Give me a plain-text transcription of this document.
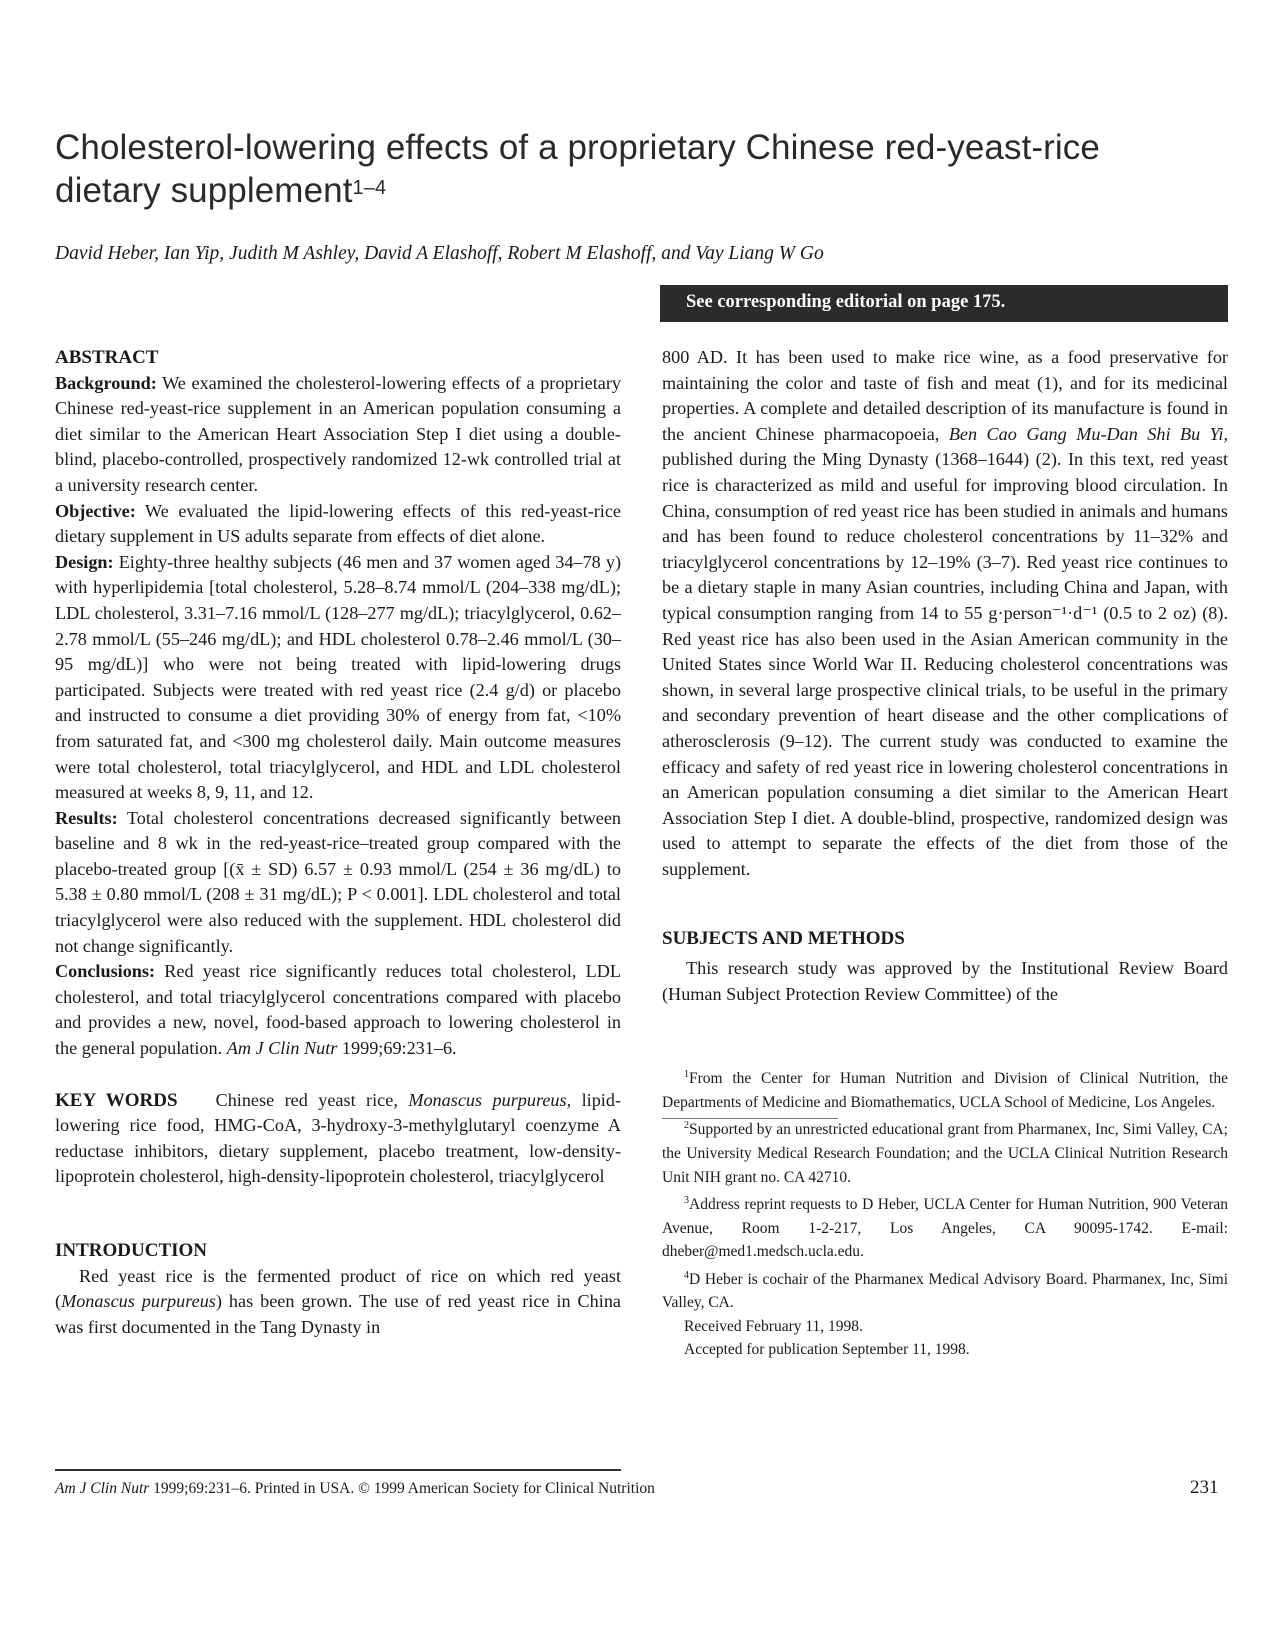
Cholesterol-lowering effects of a proprietary Chinese red-yeast-rice dietary supplement$^{1-4}$

David Heber, Ian Yip, Judith M Ashley, David A Elashoff, Robert M Elashoff, and Vay Liang W Go

See corresponding editorial on page 175.

ABSTRACT

Background: We examined the cholesterol-lowering effects of a proprietary Chinese red-yeast-rice supplement in an American population consuming a diet similar to the American Heart Association Step I diet using a double-blind, placebo-controlled, prospectively randomized 12-wk controlled trial at a university research center.

Objective: We evaluated the lipid-lowering effects of this red-yeast-rice dietary supplement in US adults separate from effects of diet alone.

Design: Eighty-three healthy subjects (46 men and 37 women aged 34–78 y) with hyperlipidemia [total cholesterol, 5.28–8.74 mmol/L (204–338 mg/dL); LDL cholesterol, 3.31–7.16 mmol/L (128–277 mg/dL); triacylglycerol, 0.62–2.78 mmol/L (55–246 mg/dL); and HDL cholesterol 0.78–2.46 mmol/L (30–95 mg/dL)] who were not being treated with lipid-lowering drugs participated. Subjects were treated with red yeast rice (2.4 g/d) or placebo and instructed to consume a diet providing 30% of energy from fat, <10% from saturated fat, and <300 mg cholesterol daily. Main outcome measures were total cholesterol, total triacylglycerol, and HDL and LDL cholesterol measured at weeks 8, 9, 11, and 12.

Results: Total cholesterol concentrations decreased significantly between baseline and 8 wk in the red-yeast-rice–treated group compared with the placebo-treated group [(x̄ ± SD) 6.57 ± 0.93 mmol/L (254 ± 36 mg/dL) to 5.38 ± 0.80 mmol/L (208 ± 31 mg/dL); P < 0.001]. LDL cholesterol and total triacylglycerol were also reduced with the supplement. HDL cholesterol did not change significantly.

Conclusions: Red yeast rice significantly reduces total cholesterol, LDL cholesterol, and total triacylglycerol concentrations compared with placebo and provides a new, novel, food-based approach to lowering cholesterol in the general population. Am J Clin Nutr 1999;69:231–6.

KEY WORDS Chinese red yeast rice, Monascus purpureus, lipid-lowering rice food, HMG-CoA, 3-hydroxy-3-methylglutaryl coenzyme A reductase inhibitors, dietary supplement, placebo treatment, low-density-lipoprotein cholesterol, high-density-lipoprotein cholesterol, triacylglycerol

INTRODUCTION

Red yeast rice is the fermented product of rice on which red yeast (Monascus purpureus) has been grown. The use of red yeast rice in China was first documented in the Tang Dynasty in

800 AD. It has been used to make rice wine, as a food preservative for maintaining the color and taste of fish and meat (1), and for its medicinal properties. A complete and detailed description of its manufacture is found in the ancient Chinese pharmacopoeia, Ben Cao Gang Mu-Dan Shi Bu Yi, published during the Ming Dynasty (1368–1644) (2). In this text, red yeast rice is characterized as mild and useful for improving blood circulation. In China, consumption of red yeast rice has been studied in animals and humans and has been found to reduce cholesterol concentrations by 11–32% and triacylglycerol concentrations by 12–19% (3–7). Red yeast rice continues to be a dietary staple in many Asian countries, including China and Japan, with typical consumption ranging from 14 to 55 g·person⁻¹·d⁻¹ (0.5 to 2 oz) (8). Red yeast rice has also been used in the Asian American community in the United States since World War II. Reducing cholesterol concentrations was shown, in several large prospective clinical trials, to be useful in the primary and secondary prevention of heart disease and the other complications of atherosclerosis (9–12). The current study was conducted to examine the efficacy and safety of red yeast rice in lowering cholesterol concentrations in an American population consuming a diet similar to the American Heart Association Step I diet. A double-blind, prospective, randomized design was used to attempt to separate the effects of the diet from those of the supplement.

SUBJECTS AND METHODS

This research study was approved by the Institutional Review Board (Human Subject Protection Review Committee) of the

$^1$From the Center for Human Nutrition and Division of Clinical Nutrition, the Departments of Medicine and Biomathematics, UCLA School of Medicine, Los Angeles.

$^2$Supported by an unrestricted educational grant from Pharmanex, Inc, Simi Valley, CA; the University Medical Research Foundation; and the UCLA Clinical Nutrition Research Unit NIH grant no. CA 42710.

$^3$Address reprint requests to D Heber, UCLA Center for Human Nutrition, 900 Veteran Avenue, Room 1-2-217, Los Angeles, CA 90095-1742. E-mail: dheber@med1.medsch.ucla.edu.

$^4$D Heber is cochair of the Pharmanex Medical Advisory Board. Pharmanex, Inc, Simi Valley, CA.

Received February 11, 1998.

Accepted for publication September 11, 1998.

Am J Clin Nutr 1999;69:231–6. Printed in USA. © 1999 American Society for Clinical Nutrition	231
